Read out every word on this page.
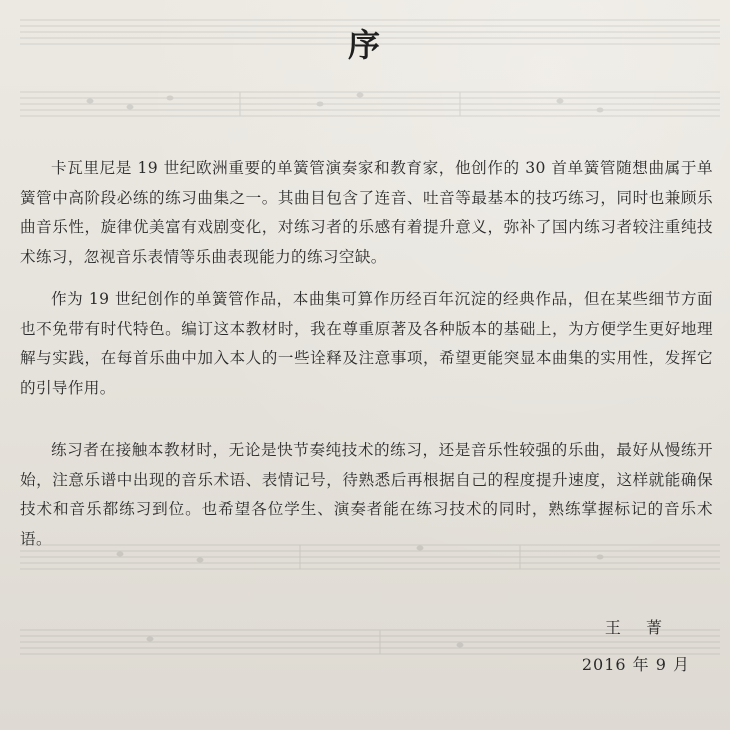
序

卡瓦里尼是 19 世纪欧洲重要的单簧管演奏家和教育家，他创作的 30 首单簧管随想曲属于单簧管中高阶段必练的练习曲集之一。其曲目包含了连音、吐音等最基本的技巧练习，同时也兼顾乐曲音乐性，旋律优美富有戏剧变化，对练习者的乐感有着提升意义，弥补了国内练习者较注重纯技术练习，忽视音乐表情等乐曲表现能力的练习空缺。

作为 19 世纪创作的单簧管作品，本曲集可算作历经百年沉淀的经典作品，但在某些细节方面也不免带有时代特色。编订这本教材时，我在尊重原著及各种版本的基础上，为方便学生更好地理解与实践，在每首乐曲中加入本人的一些诠释及注意事项，希望更能突显本曲集的实用性，发挥它的引导作用。

练习者在接触本教材时，无论是快节奏纯技术的练习，还是音乐性较强的乐曲，最好从慢练开始，注意乐谱中出现的音乐术语、表情记号，待熟悉后再根据自己的程度提升速度，这样就能确保技术和音乐都练习到位。也希望各位学生、演奏者能在练习技术的同时，熟练掌握标记的音乐术语。

王 菁
2016 年 9 月
